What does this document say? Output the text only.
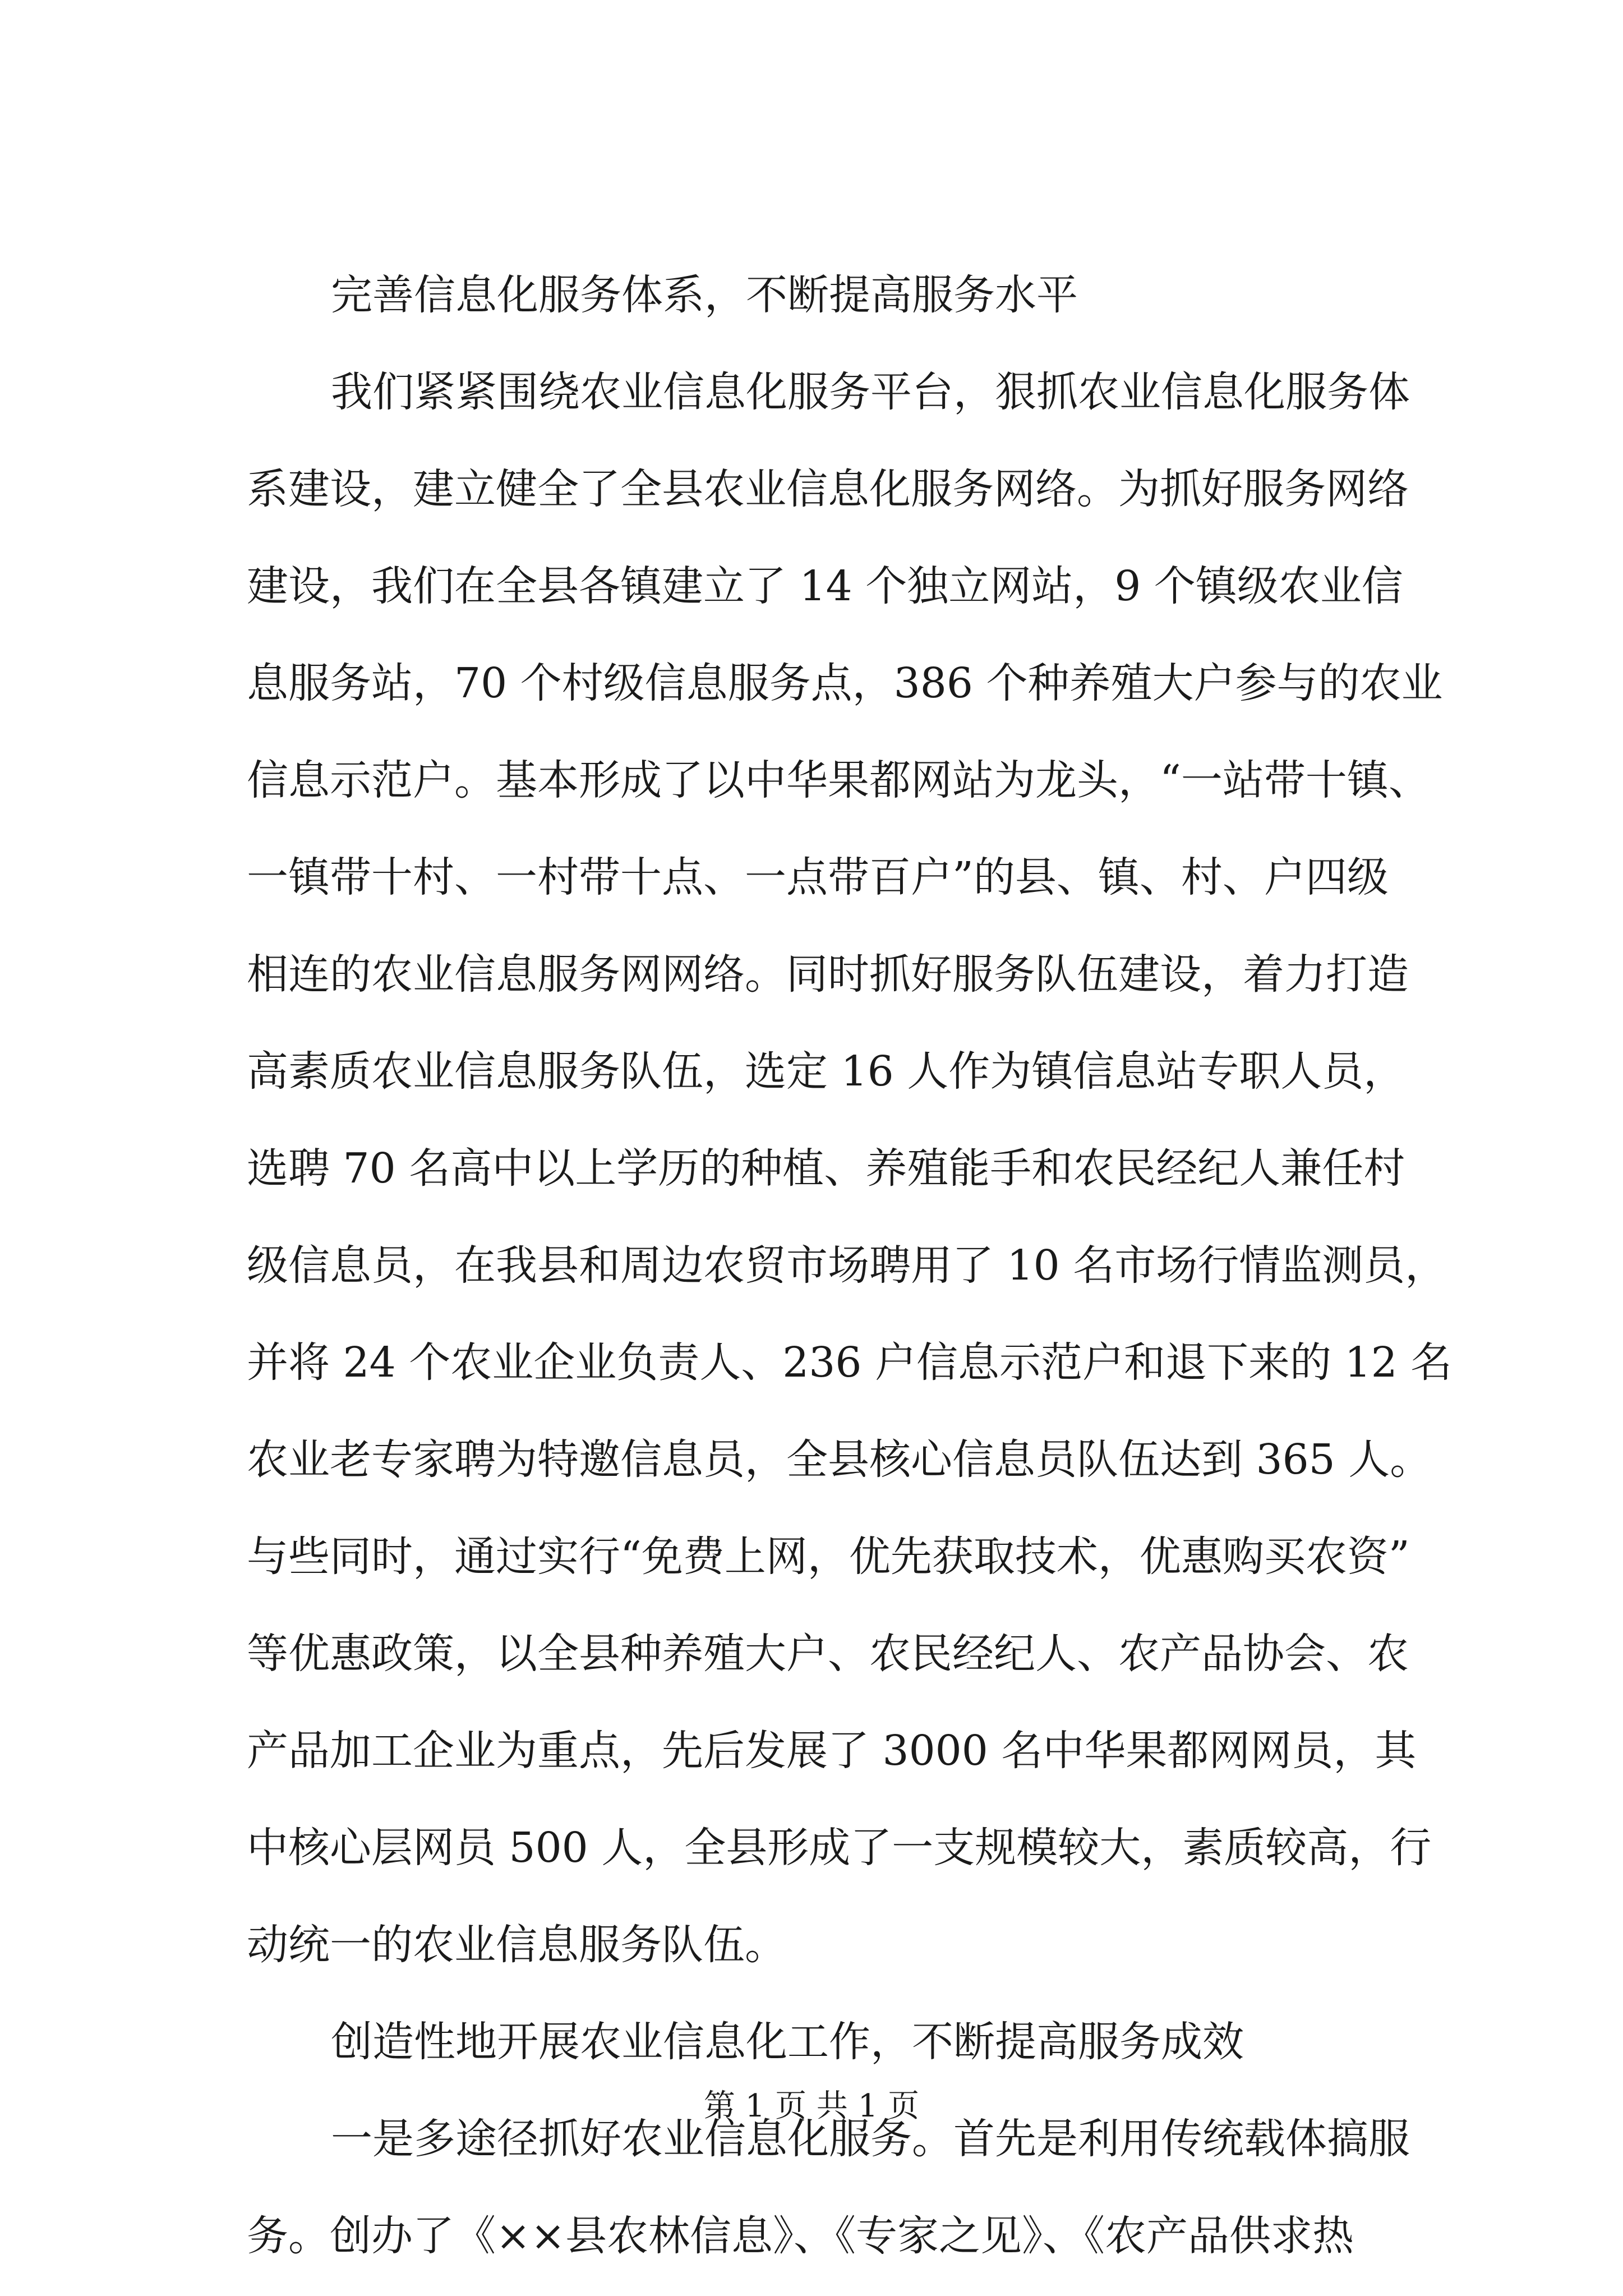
完善信息化服务体系，不断提高服务水平
我们紧紧围绕农业信息化服务平台，狠抓农业信息化服务体
系建设，建立健全了全县农业信息化服务网络。为抓好服务网络
建设，我们在全县各镇建立了 14 个独立网站，9 个镇级农业信
息服务站，70 个村级信息服务点，386 个种养殖大户参与的农业
信息示范户。基本形成了以中华果都网站为龙头，“一站带十镇、
一镇带十村、一村带十点、一点带百户”的县、镇、村、户四级
相连的农业信息服务网网络。同时抓好服务队伍建设，着力打造
高素质农业信息服务队伍，选定 16 人作为镇信息站专职人员，
选聘 70 名高中以上学历的种植、养殖能手和农民经纪人兼任村
级信息员，在我县和周边农贸市场聘用了 10 名市场行情监测员，
并将 24 个农业企业负责人、236 户信息示范户和退下来的 12 名
农业老专家聘为特邀信息员，全县核心信息员队伍达到 365 人。
与些同时，通过实行“免费上网，优先获取技术，优惠购买农资”
等优惠政策，以全县种养殖大户、农民经纪人、农产品协会、农
产品加工企业为重点，先后发展了 3000 名中华果都网网员，其
中核心层网员 500 人，全县形成了一支规模较大，素质较高，行
动统一的农业信息服务队伍。
创造性地开展农业信息化工作，不断提高服务成效
一是多途径抓好农业信息化服务。首先是利用传统载体搞服
务。创办了《××县农林信息》、《专家之见》、《农产品供求热
第 1 页 共 1 页
